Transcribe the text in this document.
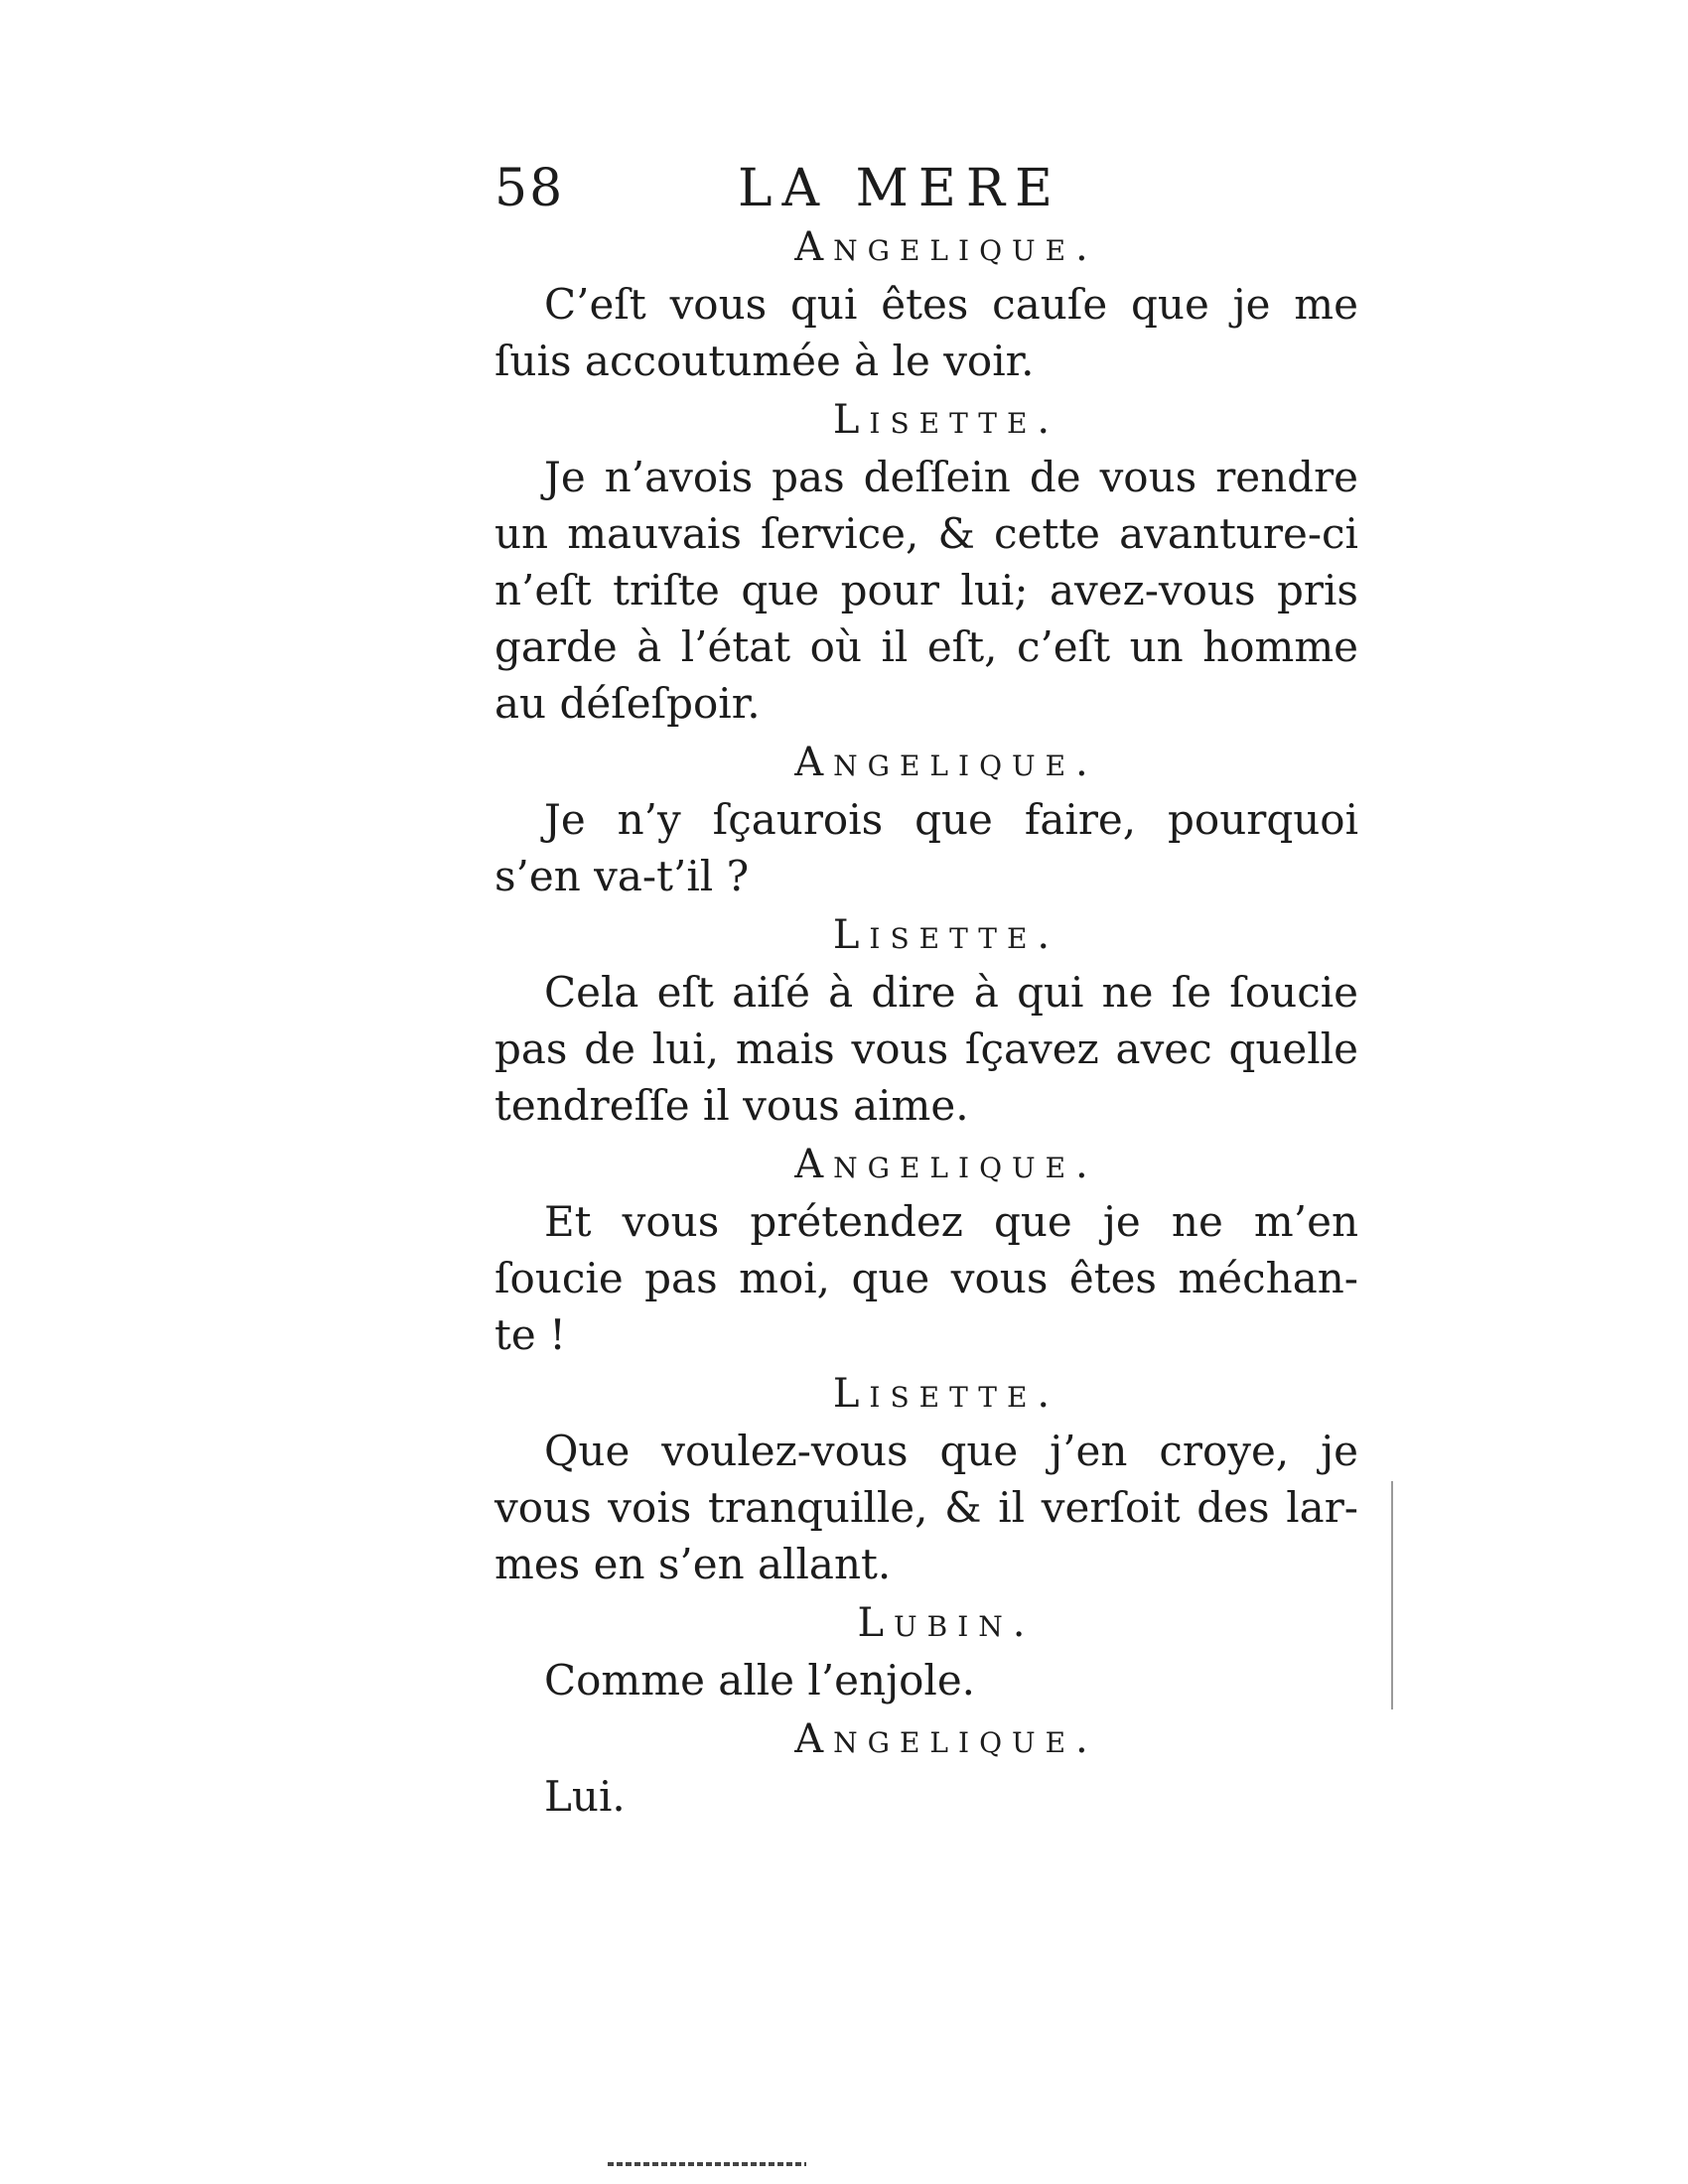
58	LA MERE
Angelique.

C’eſt vous qui êtes cauſe que je me ſuis accoutumée à le voir.

Lisette.

Je n’avois pas deſſein de vous rendre un mauvais ſervice, & cette avanture-ci n’eſt triſte que pour lui; avez-vous pris garde à l’état où il eſt, c’eſt un homme au déſeſpoir.

Angelique.

Je n’y ſçaurois que faire, pourquoi s’en va-t’il ?

Lisette.

Cela eſt aiſé à dire à qui ne ſe ſoucie pas de lui, mais vous ſçavez avec quelle tendreſſe il vous aime.

Angelique.

Et vous prétendez que je ne m’en ſoucie pas moi, que vous êtes méchan- te !

Lisette.

Que voulez-vous que j’en croye, je vous vois tranquille, & il verſoit des lar- mes en s’en allant.

Lubin.

Comme alle l’enjole.

Angelique.

Lui.
